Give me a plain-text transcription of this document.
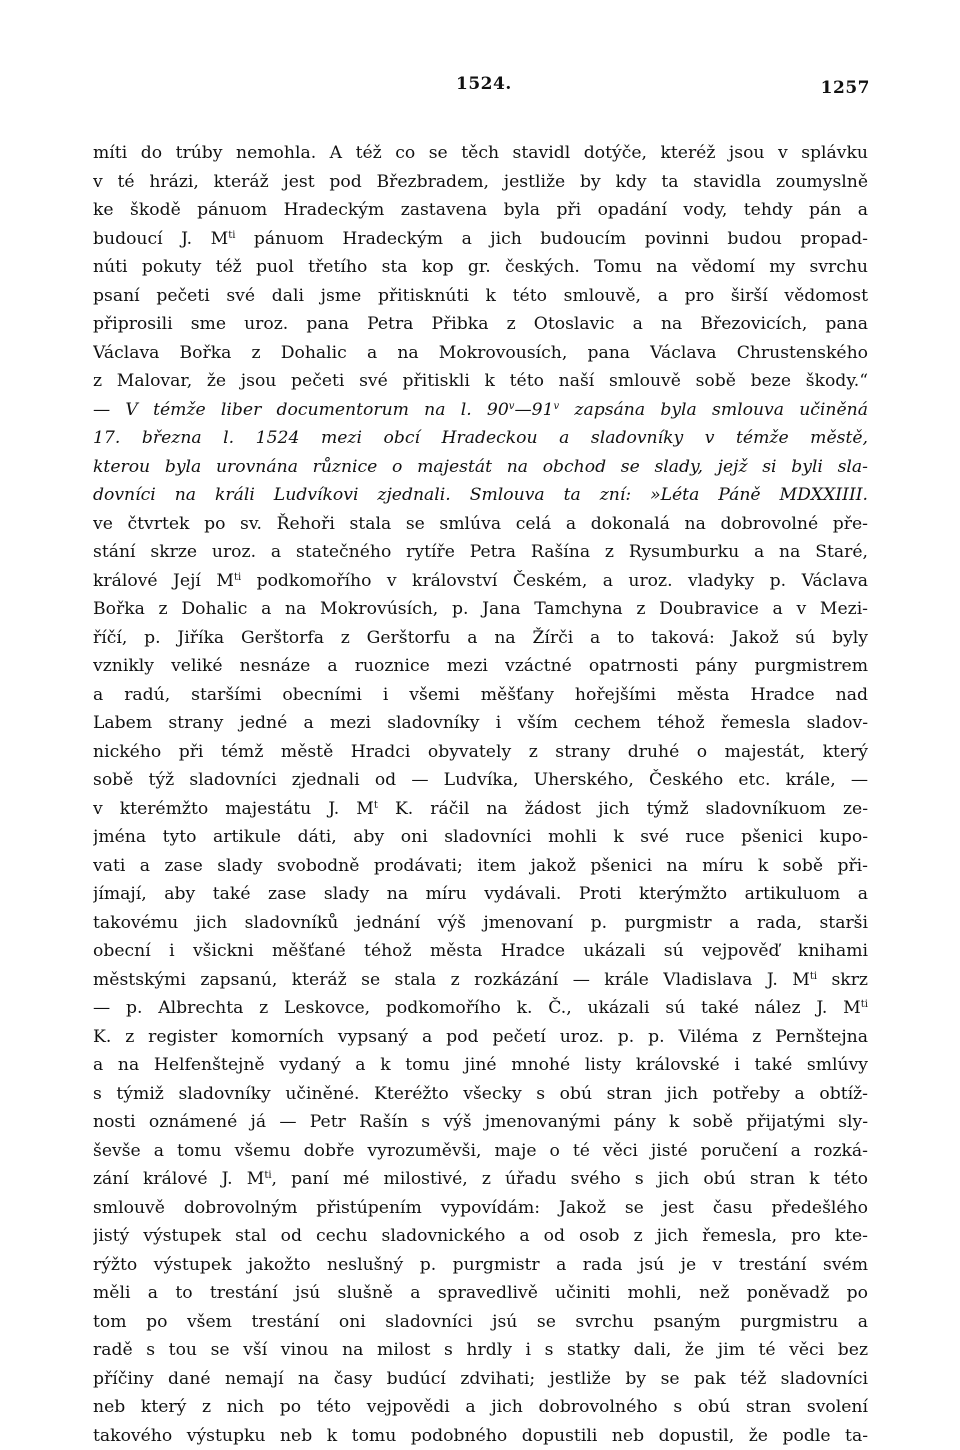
1524.	1257
míti do trúby nemohla. A též co se těch stavidl dotýče, kteréž jsou v splávku
v té hrázi, kteráž jest pod Březbradem, jestliže by kdy ta stavidla zoumyslně
ke škodě pánuom Hradeckým zastavena byla při opadání vody, tehdy pán a
budoucí J. $M^{ti}$ pánuom Hradeckým a jich budoucím povinni budou propad-
núti pokuty též puol třetího sta kop gr. českých. Tomu na vědomí my svrchu
psaní pečeti své dali jsme přitisknúti k této smlouvě, a pro širší vědomost
připrosili sme uroz. pana Petra Přibka z Otoslavic a na Březovicích, pana
Václava Bořka z Dohalic a na Mokrovousích, pana Václava Chrustenského
z Malovar, že jsou pečeti své přitiskli k této naší smlouvě sobě beze škody.“
— V témže liber documentorum na l. 90$^v$—91$^v$ zapsána byla smlouva učiněná
17. března l. 1524 mezi obcí Hradeckou a sladovníky v témže městě,
kterou byla urovnána různice o majestát na obchod se slady, jejž si byli sla-
dovníci na králi Ludvíkovi zjednali. Smlouva ta zní: »Léta Páně MDXXIIII.
ve čtvrtek po sv. Řehoři stala se smlúva celá a dokonalá na dobrovolné pře-
stání skrze uroz. a statečného rytíře Petra Rašína z Rysumburku a na Staré,
králové Její $M^{ti}$ podkomořího v království Českém, a uroz. vladyky p. Václava
Bořka z Dohalic a na Mokrovúsích, p. Jana Tamchyna z Doubravice a v Mezi-
říčí, p. Jiříka Gerštorfa z Gerštorfu a na Žírči a to taková: Jakož sú byly
vznikly veliké nesnáze a ruoznice mezi vzáctné opatrnosti pány purgmistrem
a radú, staršími obecními i všemi měšťany hořejšími města Hradce nad
Labem strany jedné a mezi sladovníky i vším cechem téhož řemesla sladov-
nického při témž městě Hradci obyvately z strany druhé o majestát, který
sobě týž sladovníci zjednali od — Ludvíka, Uherského, Českého etc. krále, —
v kterémžto majestátu J. $M^t$ K. ráčil na žádost jich týmž sladovníkuom ze-
jména tyto artikule dáti, aby oni sladovníci mohli k své ruce pšenici kupo-
vati a zase slady svobodně prodávati; item jakož pšenici na míru k sobě při-
jímají, aby také zase slady na míru vydávali. Proti kterýmžto artikuluom a
takovému jich sladovníků jednání výš jmenovaní p. purgmistr a rada, starši
obecní i všickni měšťané téhož města Hradce ukázali sú vejpověď knihami
městskými zapsanú, kteráž se stala z rozkázání — krále Vladislava J. $M^{ti}$ skrz
— p. Albrechta z Leskovce, podkomořího k. Č., ukázali sú také nález J. $M^{ti}$
K. z register komorních vypsaný a pod pečetí uroz. p. p. Viléma z Pernštejna
a na Helfenštejně vydaný a k tomu jiné mnohé listy královské i také smlúvy
s týmiž sladovníky učiněné. Kteréžto všecky s obú stran jich potřeby a obtíž-
nosti oznámené já — Petr Rašín s výš jmenovanými pány k sobě přijatými sly-
ševše a tomu všemu dobře vyrozuměvši, maje o té věci jisté poručení a rozká-
zání králové J. $M^{ti}$, paní mé milostivé, z úřadu svého s jich obú stran k této
smlouvě dobrovolným přistúpením vypovídám: Jakož se jest času předešlého
jistý výstupek stal od cechu sladovnického a od osob z jich řemesla, pro kte-
rýžto výstupek jakožto neslušný p. purgmistr a rada jsú je v trestání svém
měli a to trestání jsú slušně a spravedlivě učiniti mohli, než poněvadž po
tom po všem trestání oni sladovníci jsú se svrchu psaným purgmistru a
radě s tou se vší vinou na milost s hrdly i s statky dali, že jim té věci bez
příčiny dané nemají na časy budúcí zdvihati; jestliže by se pak též sladovníci
neb který z nich po této vejpovědi a jich dobrovolného s obú stran svolení
takového výstupku neb k tomu podobného dopustili neb dopustil, že podle ta-
